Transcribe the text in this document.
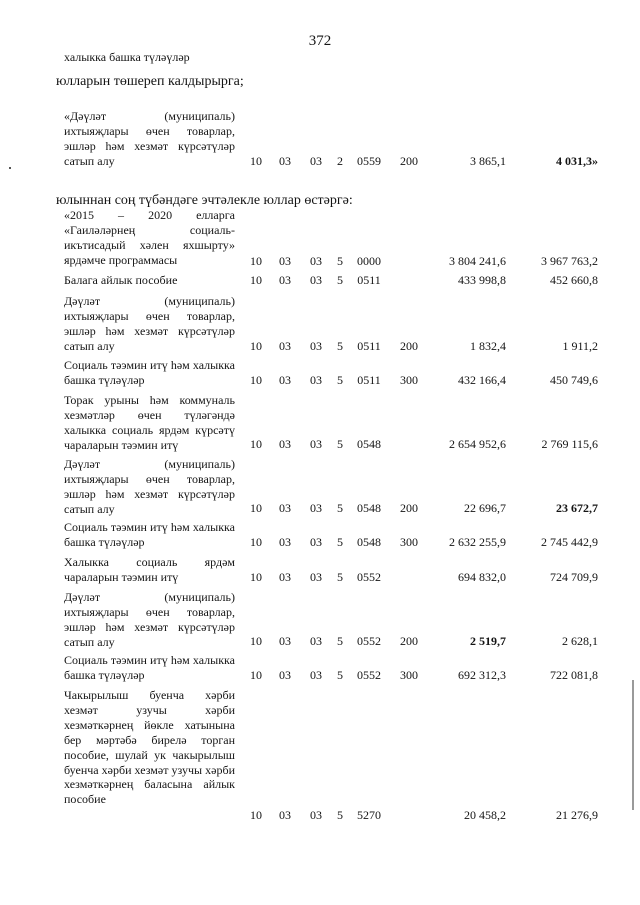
372
халыкка башка түләүләр
юлларын төшереп калдырырга;
«Дәүләт (муниципаль) ихтыяҗлары өчен товарлар, эшләр һәм хезмәт күрсәтүләр сатып алу	10 03 03 2 0559	200	3 865,1	4 031,3»
юлыннан соң түбәндәге эчтәлекле юллар өстәргә:
«2015 – 2020 елларга «Гаиләләрнең социаль-икътисадый хәлен яхшырту» ярдәмче программасы	10 03 03 5 0000	3 804 241,6	3 967 763,2
Балага айлык пособие	10 03 03 5 0511	433 998,8	452 660,8
Дәүләт (муниципаль) ихтыяҗлары өчен товарлар, эшләр һәм хезмәт күрсәтүләр сатып алу	10 03 03 5 0511	200	1 832,4	1 911,2
Социаль тәэмин итү һәм халыкка башка түләүләр	10 03 03 5 0511	300	432 166,4	450 749,6
Торак урыны һәм коммуналь хезмәтләр өчен түләгәндә халыкка социаль ярдәм күрсәтү чараларын тәэмин итү	10 03 03 5 0548	2 654 952,6	2 769 115,6
Дәүләт (муниципаль) ихтыяҗлары өчен товарлар, эшләр һәм хезмәт күрсәтүләр сатып алу	10 03 03 5 0548	200	22 696,7	23 672,7
Социаль тәэмин итү һәм халыкка башка түләүләр	10 03 03 5 0548	300	2 632 255,9	2 745 442,9
Халыкка социаль ярдәм чараларын тәэмин итү	10 03 03 5 0552	694 832,0	724 709,9
Дәүләт (муниципаль) ихтыяҗлары өчен товарлар, эшләр һәм хезмәт күрсәтүләр сатып алу	10 03 03 5 0552	200	2 519,7	2 628,1
Социаль тәэмин итү һәм халыкка башка түләүләр	10 03 03 5 0552	300	692 312,3	722 081,8
Чакырылыш буенча хәрби хезмәт узучы хәрби хезмәткәрнең йөкле хатынына бер мәртәбә бирелә торган пособие, шулай ук чакырылыш буенча хәрби хезмәт узучы хәрби хезмәткәрнең баласына айлык пособие
10 03 03 5 5270	20 458,2	21 276,9
